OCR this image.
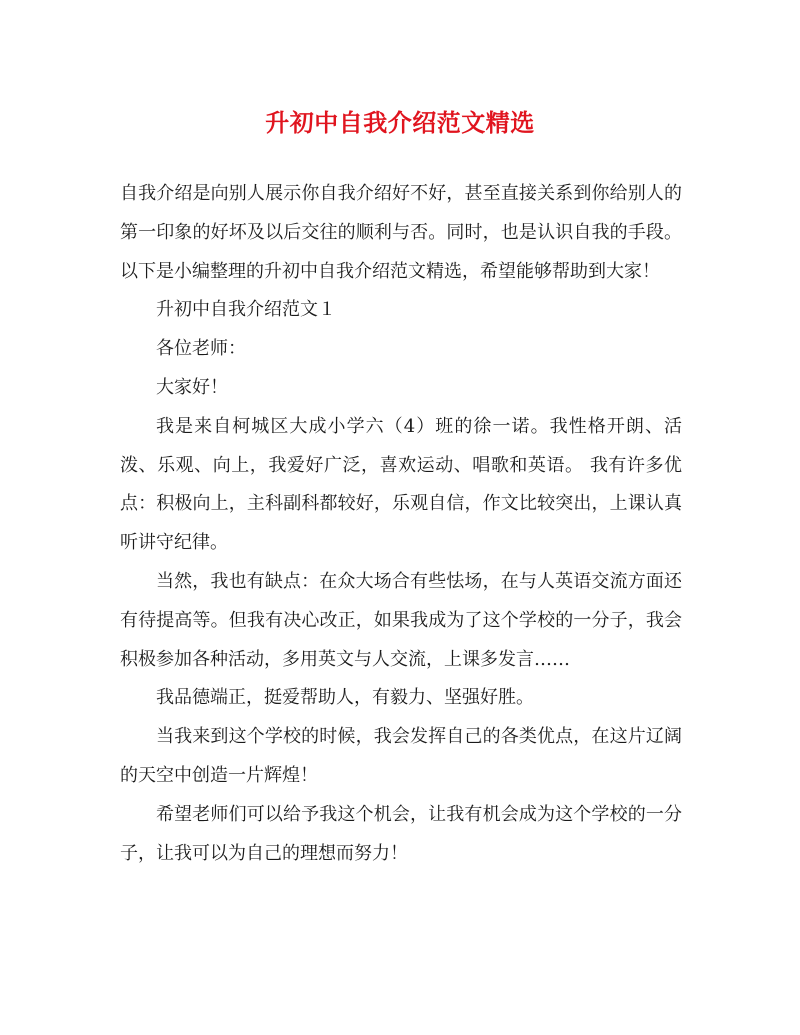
升初中自我介绍范文精选

自我介绍是向别人展示你自我介绍好不好，甚至直接关系到你给别人的第一印象的好坏及以后交往的顺利与否。同时，也是认识自我的手段。以下是小编整理的升初中自我介绍范文精选，希望能够帮助到大家！

升初中自我介绍范文１

各位老师：

大家好！

我是来自柯城区大成小学六（4）班的徐一诺。我性格开朗、活泼、乐观、向上，我爱好广泛，喜欢运动、唱歌和英语。 我有许多优点：积极向上，主科副科都较好，乐观自信，作文比较突出，上课认真听讲守纪律。

当然，我也有缺点：在众大场合有些怯场，在与人英语交流方面还有待提高等。但我有决心改正，如果我成为了这个学校的一分子，我会积极参加各种活动，多用英文与人交流，上课多发言……

我品德端正，挺爱帮助人，有毅力、坚强好胜。

当我来到这个学校的时候，我会发挥自己的各类优点，在这片辽阔的天空中创造一片辉煌！

希望老师们可以给予我这个机会，让我有机会成为这个学校的一分子，让我可以为自己的理想而努力！
